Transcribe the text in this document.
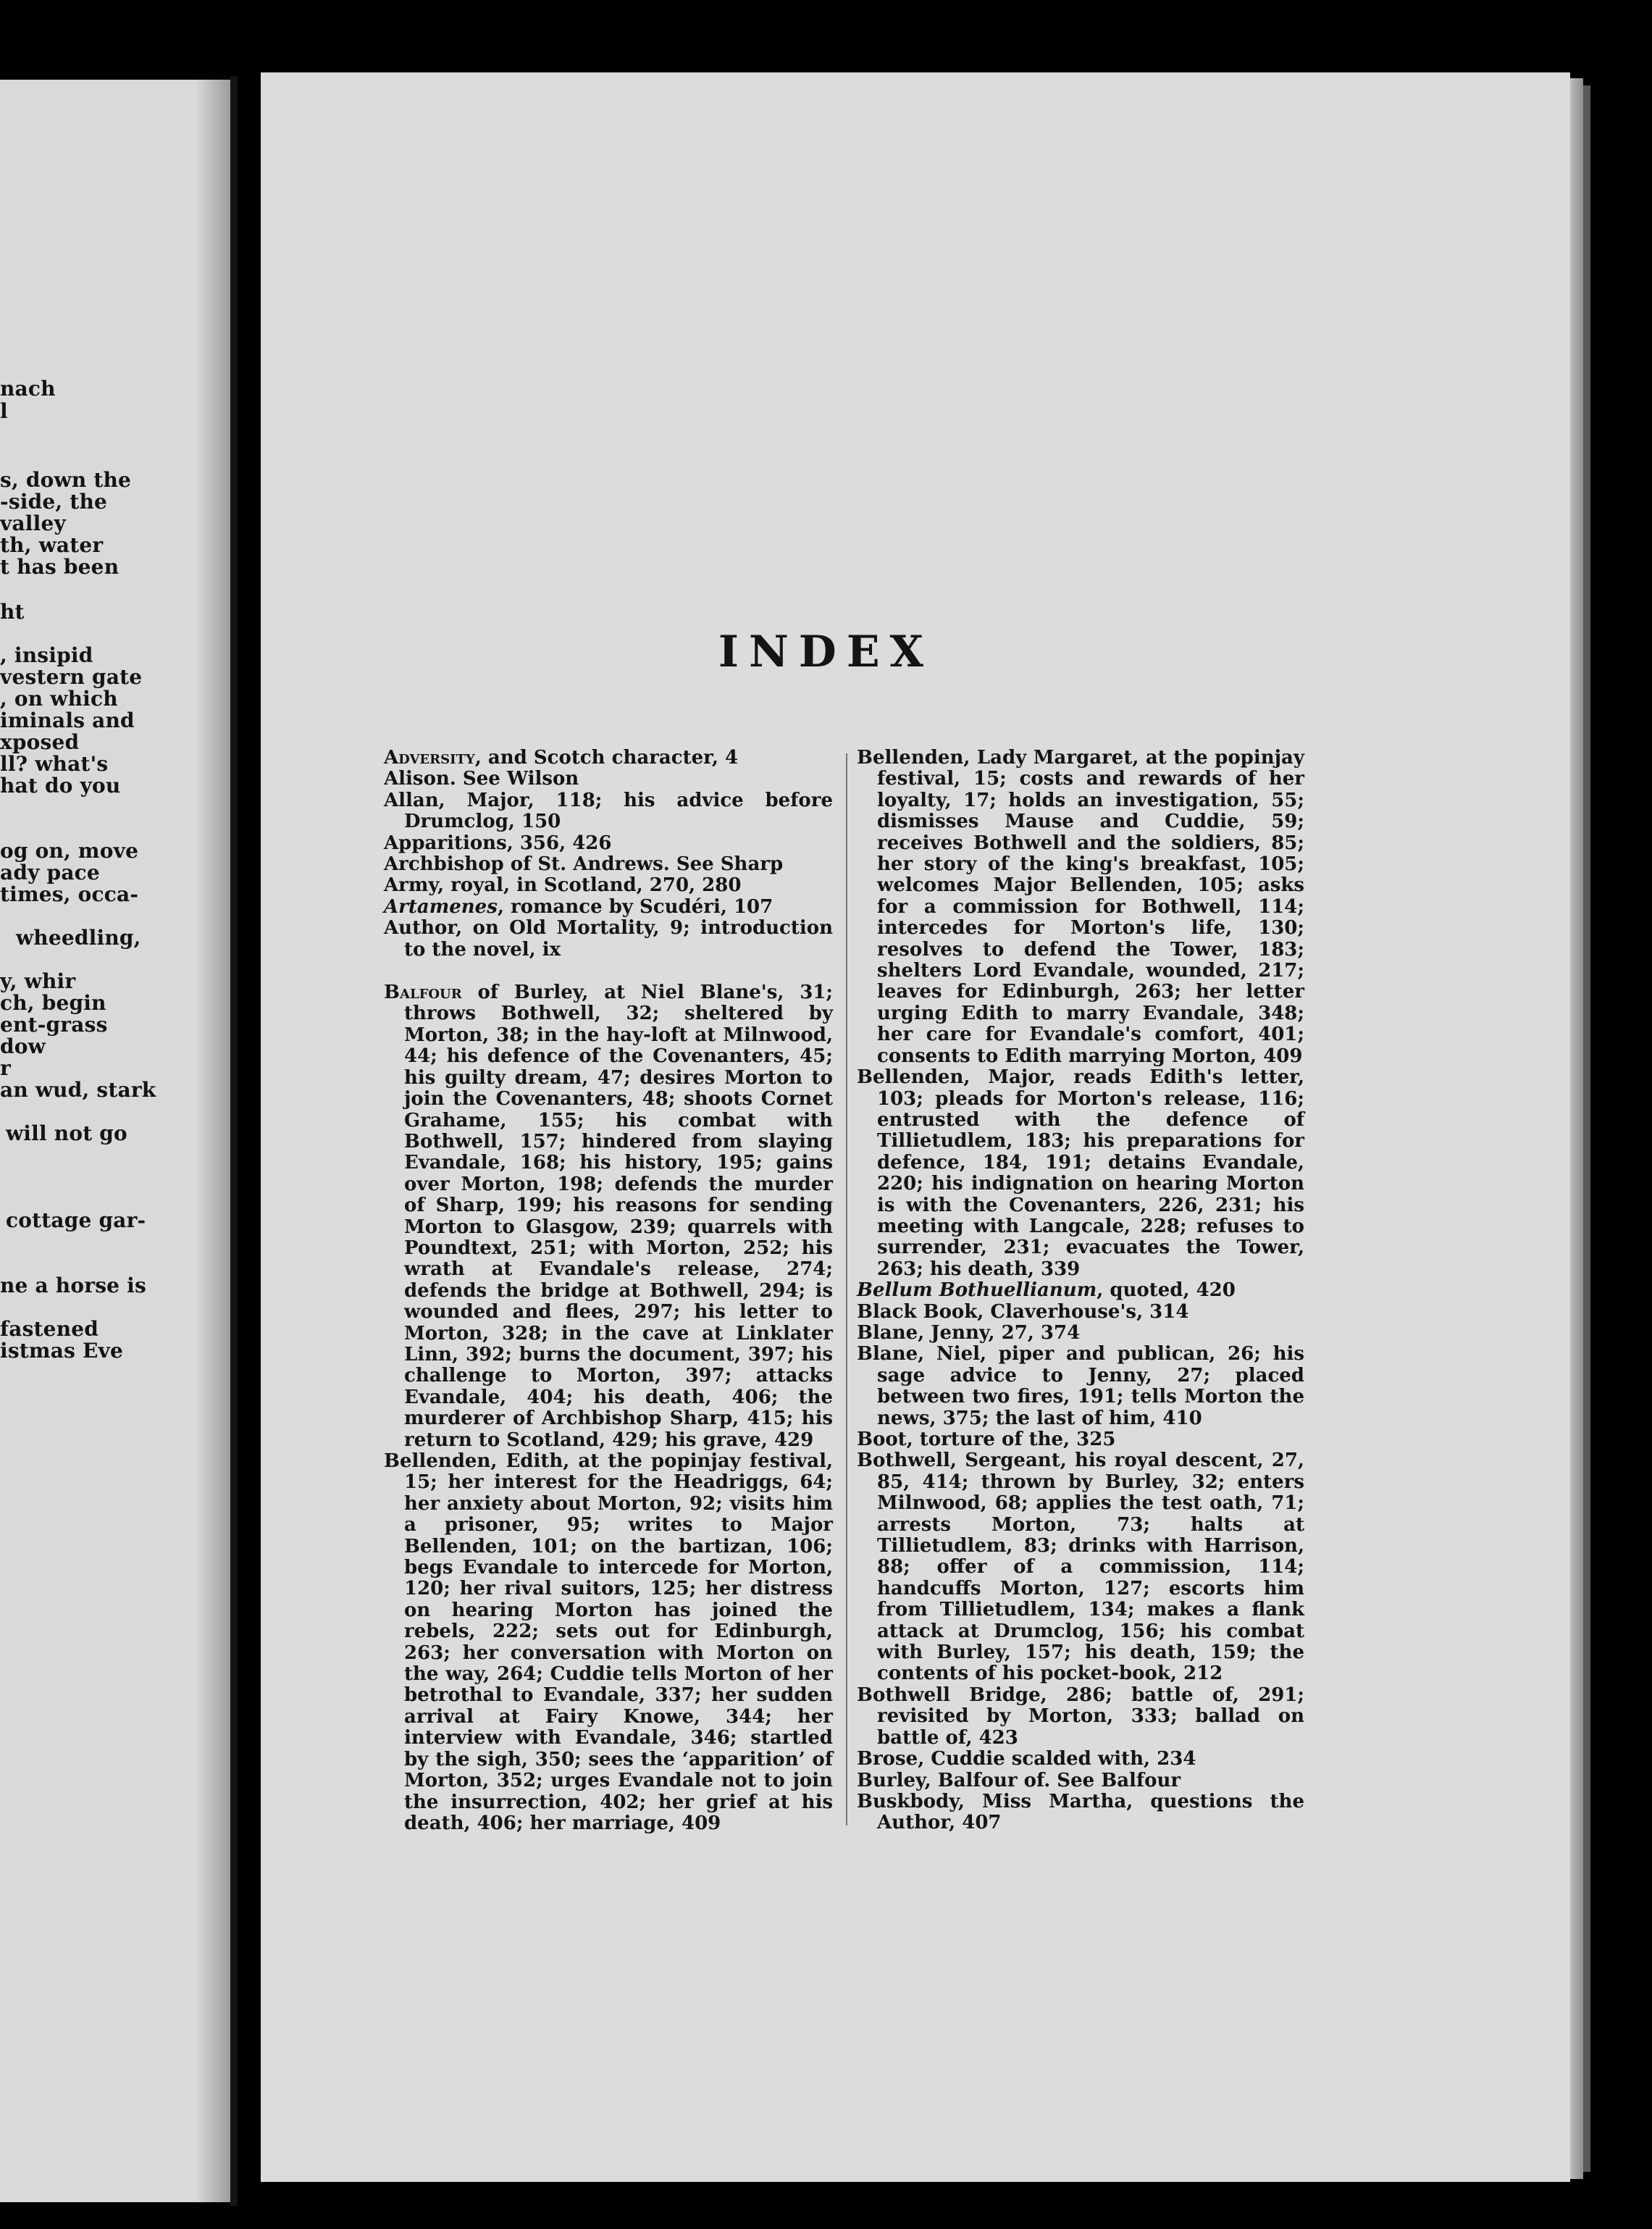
nach
l
s, down the
-side, the
valley
th, water
t has been
ht
, insipid
vestern gate
, on which
iminals and
xposed
ll? what's
hat do you
og on, move
ady pace
times, occa-
wheedling,
y, whir
ch, begin
ent-grass
dow
r
an wud, stark
will not go
cottage gar-
ne a horse is
fastened
istmas Eve
INDEX
Adversity, and Scotch character, 4
Alison. See Wilson
Allan, Major, 118; his advice before Drumclog, 150
Apparitions, 356, 426
Archbishop of St. Andrews. See Sharp
Army, royal, in Scotland, 270, 280
Artamenes, romance by Scudéri, 107
Author, on Old Mortality, 9; introduction to the novel, ix
Balfour of Burley, at Niel Blane's, 31; throws Bothwell, 32; sheltered by Morton, 38; in the hay-loft at Milnwood, 44; his defence of the Covenanters, 45; his guilty dream, 47; desires Morton to join the Covenanters, 48; shoots Cornet Grahame, 155; his combat with Bothwell, 157; hindered from slaying Evandale, 168; his history, 195; gains over Morton, 198; defends the murder of Sharp, 199; his reasons for sending Morton to Glasgow, 239; quarrels with Poundtext, 251; with Morton, 252; his wrath at Evandale's release, 274; defends the bridge at Bothwell, 294; is wounded and flees, 297; his letter to Morton, 328; in the cave at Linklater Linn, 392; burns the document, 397; his challenge to Morton, 397; attacks Evandale, 404; his death, 406; the murderer of Archbishop Sharp, 415; his return to Scotland, 429; his grave, 429
Bellenden, Edith, at the popinjay festival, 15; her interest for the Headriggs, 64; her anxiety about Morton, 92; visits him a prisoner, 95; writes to Major Bellenden, 101; on the bartizan, 106; begs Evandale to intercede for Morton, 120; her rival suitors, 125; her distress on hearing Morton has joined the rebels, 222; sets out for Edinburgh, 263; her conversation with Morton on the way, 264; Cuddie tells Morton of her betrothal to Evandale, 337; her sudden arrival at Fairy Knowe, 344; her interview with Evandale, 346; startled by the sigh, 350; sees the ‘apparition’ of Morton, 352; urges Evandale not to join the insurrection, 402; her grief at his death, 406; her marriage, 409
Bellenden, Lady Margaret, at the popinjay festival, 15; costs and rewards of her loyalty, 17; holds an investigation, 55; dismisses Mause and Cuddie, 59; receives Bothwell and the soldiers, 85; her story of the king's breakfast, 105; welcomes Major Bellenden, 105; asks for a commission for Bothwell, 114; intercedes for Morton's life, 130; resolves to defend the Tower, 183; shelters Lord Evandale, wounded, 217; leaves for Edinburgh, 263; her letter urging Edith to marry Evandale, 348; her care for Evandale's comfort, 401; consents to Edith marrying Morton, 409
Bellenden, Major, reads Edith's letter, 103; pleads for Morton's release, 116; entrusted with the defence of Tillietudlem, 183; his preparations for defence, 184, 191; detains Evandale, 220; his indignation on hearing Morton is with the Covenanters, 226, 231; his meeting with Langcale, 228; refuses to surrender, 231; evacuates the Tower, 263; his death, 339
Bellum Bothuellianum, quoted, 420
Black Book, Claverhouse's, 314
Blane, Jenny, 27, 374
Blane, Niel, piper and publican, 26; his sage advice to Jenny, 27; placed between two fires, 191; tells Morton the news, 375; the last of him, 410
Boot, torture of the, 325
Bothwell, Sergeant, his royal descent, 27, 85, 414; thrown by Burley, 32; enters Milnwood, 68; applies the test oath, 71; arrests Morton, 73; halts at Tillietudlem, 83; drinks with Harrison, 88; offer of a commission, 114; handcuffs Morton, 127; escorts him from Tillietudlem, 134; makes a flank attack at Drumclog, 156; his combat with Burley, 157; his death, 159; the contents of his pocket-book, 212
Bothwell Bridge, 286; battle of, 291; revisited by Morton, 333; ballad on battle of, 423
Brose, Cuddie scalded with, 234
Burley, Balfour of. See Balfour
Buskbody, Miss Martha, questions the Author, 407
